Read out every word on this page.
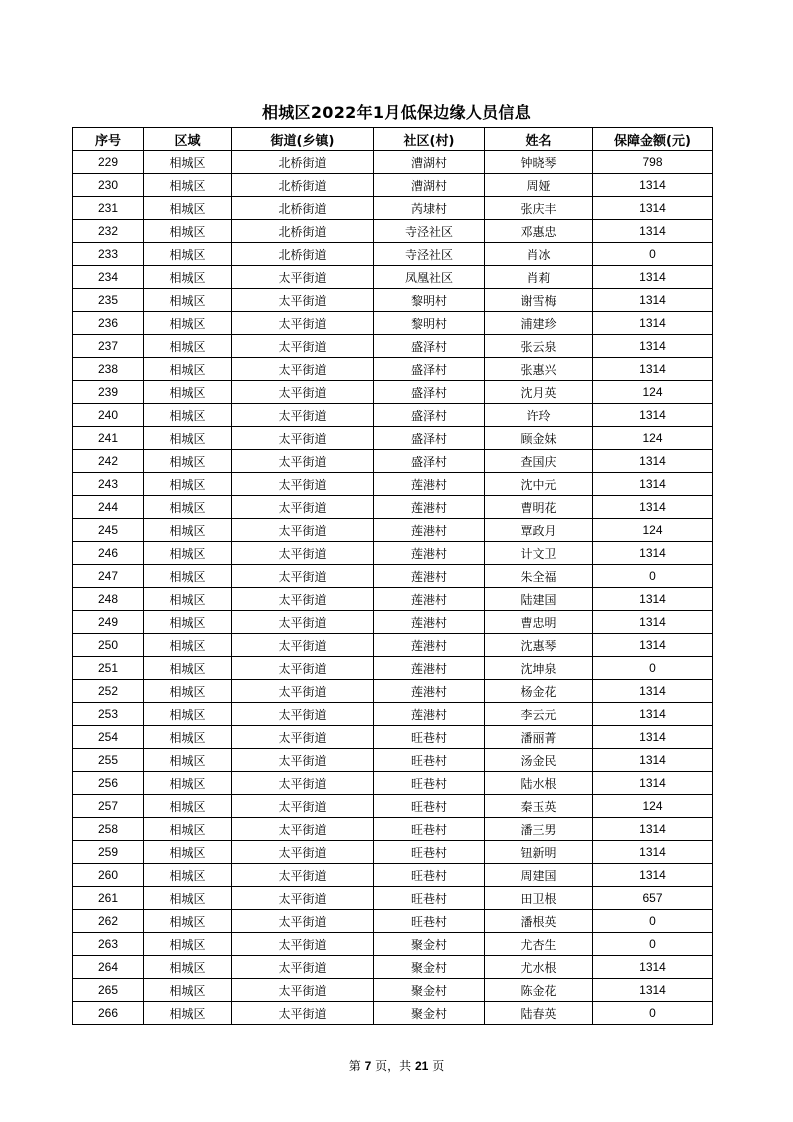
相城区2022年1月低保边缘人员信息
序号	区域	街道(乡镇)	社区(村)	姓名	保障金额(元)
229	相城区	北桥街道	漕湖村	钟晓琴	798
230	相城区	北桥街道	漕湖村	周娅	1314
231	相城区	北桥街道	芮埭村	张庆丰	1314
232	相城区	北桥街道	寺泾社区	邓惠忠	1314
233	相城区	北桥街道	寺泾社区	肖冰	0
234	相城区	太平街道	凤凰社区	肖莉	1314
235	相城区	太平街道	黎明村	谢雪梅	1314
236	相城区	太平街道	黎明村	浦建珍	1314
237	相城区	太平街道	盛泽村	张云泉	1314
238	相城区	太平街道	盛泽村	张惠兴	1314
239	相城区	太平街道	盛泽村	沈月英	124
240	相城区	太平街道	盛泽村	许玲	1314
241	相城区	太平街道	盛泽村	顾金妹	124
242	相城区	太平街道	盛泽村	查国庆	1314
243	相城区	太平街道	莲港村	沈中元	1314
244	相城区	太平街道	莲港村	曹明花	1314
245	相城区	太平街道	莲港村	覃政月	124
246	相城区	太平街道	莲港村	计文卫	1314
247	相城区	太平街道	莲港村	朱全福	0
248	相城区	太平街道	莲港村	陆建国	1314
249	相城区	太平街道	莲港村	曹忠明	1314
250	相城区	太平街道	莲港村	沈惠琴	1314
251	相城区	太平街道	莲港村	沈坤泉	0
252	相城区	太平街道	莲港村	杨金花	1314
253	相城区	太平街道	莲港村	李云元	1314
254	相城区	太平街道	旺巷村	潘丽菁	1314
255	相城区	太平街道	旺巷村	汤金民	1314
256	相城区	太平街道	旺巷村	陆水根	1314
257	相城区	太平街道	旺巷村	秦玉英	124
258	相城区	太平街道	旺巷村	潘三男	1314
259	相城区	太平街道	旺巷村	钮新明	1314
260	相城区	太平街道	旺巷村	周建国	1314
261	相城区	太平街道	旺巷村	田卫根	657
262	相城区	太平街道	旺巷村	潘根英	0
263	相城区	太平街道	聚金村	尤杏生	0
264	相城区	太平街道	聚金村	尤水根	1314
265	相城区	太平街道	聚金村	陈金花	1314
266	相城区	太平街道	聚金村	陆春英	0
第 7 页，共 21 页
